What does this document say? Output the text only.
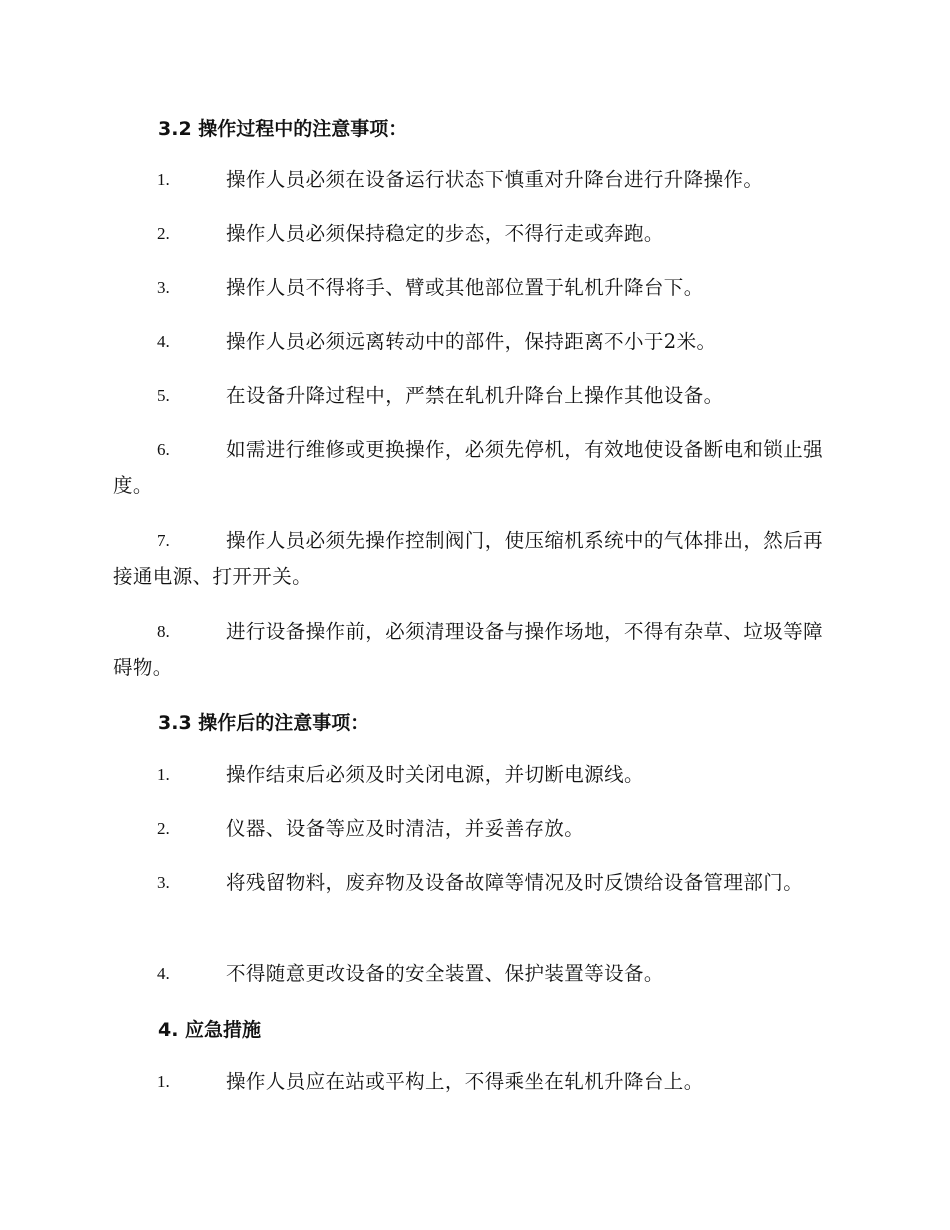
3.2 操作过程中的注意事项：
1.	操作人员必须在设备运行状态下慎重对升降台进行升降操作。
2.	操作人员必须保持稳定的步态，不得行走或奔跑。
3.	操作人员不得将手、臂或其他部位置于轧机升降台下。
4.	操作人员必须远离转动中的部件，保持距离不小于2米。
5.	在设备升降过程中，严禁在轧机升降台上操作其他设备。
6.	如需进行维修或更换操作，必须先停机，有效地使设备断电和锁止强度。
7.	操作人员必须先操作控制阀门，使压缩机系统中的气体排出，然后再接通电源、打开开关。
8.	进行设备操作前，必须清理设备与操作场地，不得有杂草、垃圾等障碍物。
3.3 操作后的注意事项：
1.	操作结束后必须及时关闭电源，并切断电源线。
2.	仪器、设备等应及时清洁，并妥善存放。
3.	将残留物料，废弃物及设备故障等情况及时反馈给设备管理部门。
4.	不得随意更改设备的安全装置、保护装置等设备。
4. 应急措施
1.	操作人员应在站或平构上，不得乘坐在轧机升降台上。
